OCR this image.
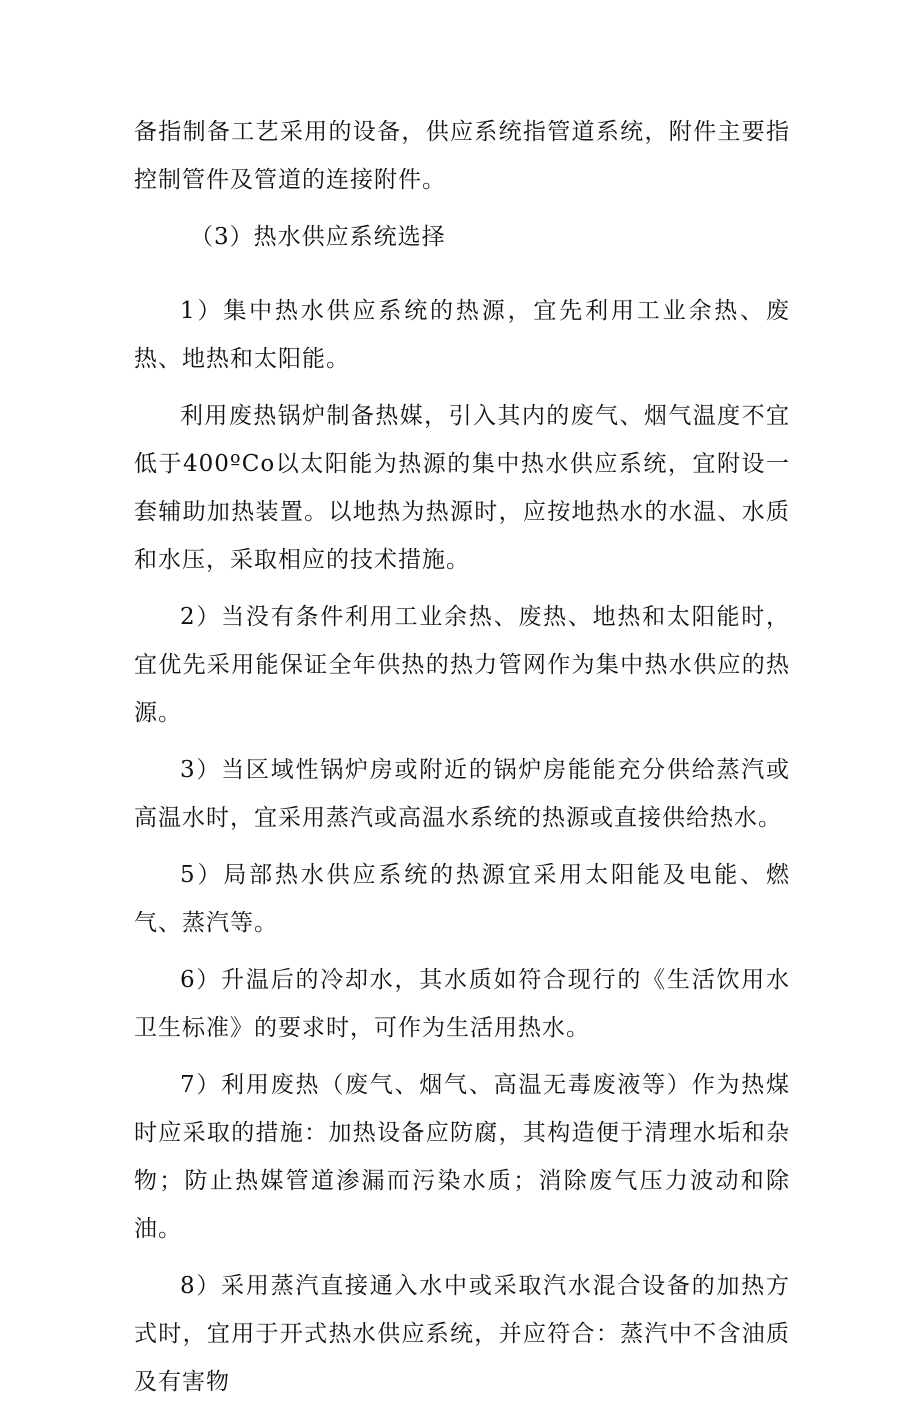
备指制备工艺采用的设备，供应系统指管道系统，附件主要指控制管件及管道的连接附件。

（3）热水供应系统选择

1）集中热水供应系统的热源，宜先利用工业余热、废热、地热和太阳能。

利用废热锅炉制备热媒，引入其内的废气、烟气温度不宜低于400ºCo以太阳能为热源的集中热水供应系统，宜附设一套辅助加热装置。以地热为热源时，应按地热水的水温、水质和水压，采取相应的技术措施。

2）当没有条件利用工业余热、废热、地热和太阳能时，宜优先采用能保证全年供热的热力管网作为集中热水供应的热源。

3）当区域性锅炉房或附近的锅炉房能能充分供给蒸汽或高温水时，宜采用蒸汽或高温水系统的热源或直接供给热水。

5）局部热水供应系统的热源宜采用太阳能及电能、燃气、蒸汽等。

6）升温后的冷却水，其水质如符合现行的《生活饮用水卫生标准》的要求时，可作为生活用热水。

7）利用废热（废气、烟气、高温无毒废液等）作为热煤时应采取的措施：加热设备应防腐，其构造便于清理水垢和杂物；防止热媒管道渗漏而污染水质；消除废气压力波动和除油。

8）采用蒸汽直接通入水中或采取汽水混合设备的加热方式时，宜用于开式热水供应系统，并应符合：蒸汽中不含油质及有害物
